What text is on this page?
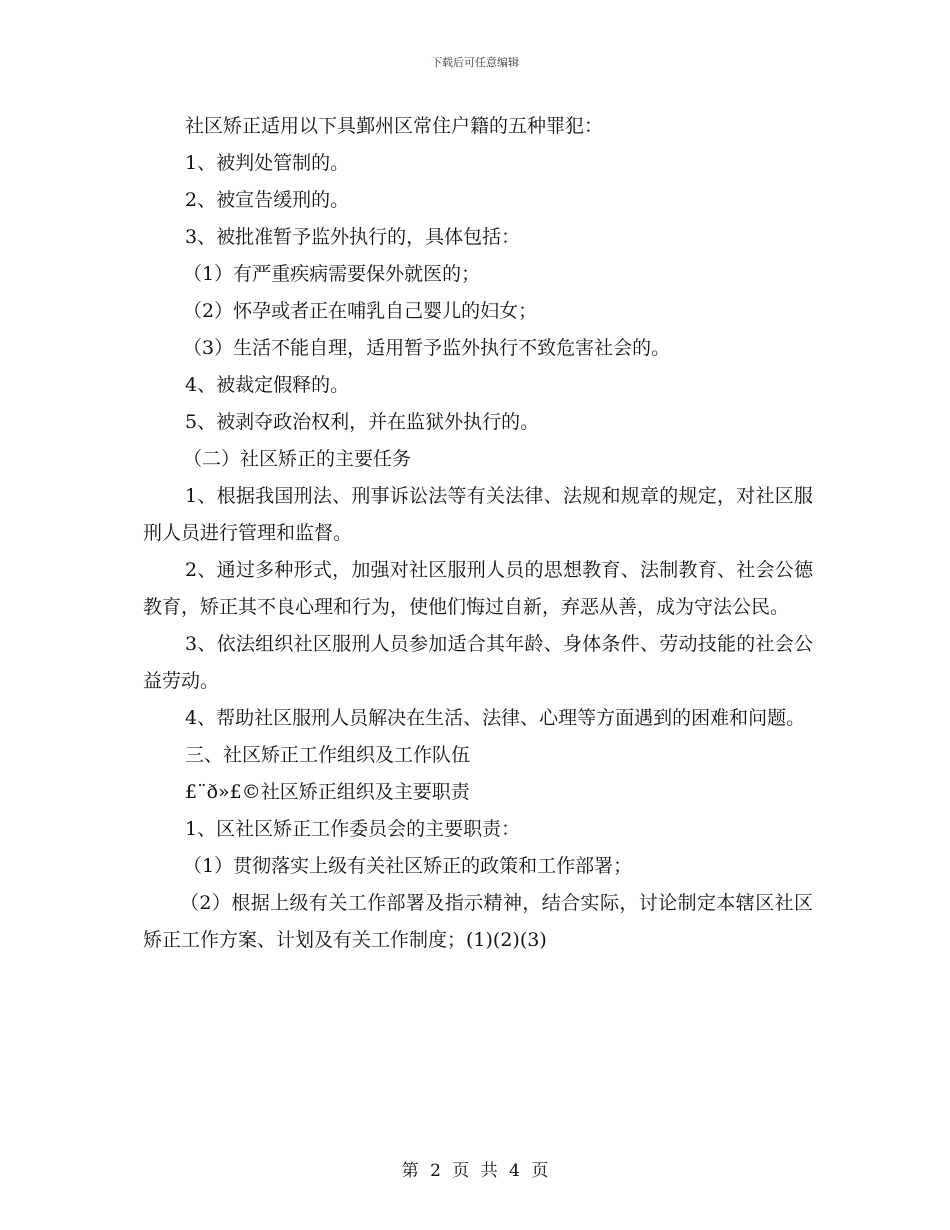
下载后可任意编辑

社区矫正适用以下具鄞州区常住户籍的五种罪犯：

1、被判处管制的。

2、被宣告缓刑的。

3、被批准暂予监外执行的，具体包括：

（1）有严重疾病需要保外就医的；

（2）怀孕或者正在哺乳自己婴儿的妇女；

（3）生活不能自理，适用暂予监外执行不致危害社会的。

4、被裁定假释的。

5、被剥夺政治权利，并在监狱外执行的。

（二）社区矫正的主要任务

1、根据我国刑法、刑事诉讼法等有关法律、法规和规章的规定，对社区服刑人员进行管理和监督。

2、通过多种形式，加强对社区服刑人员的思想教育、法制教育、社会公德教育，矫正其不良心理和行为，使他们悔过自新，弃恶从善，成为守法公民。

3、依法组织社区服刑人员参加适合其年龄、身体条件、劳动技能的社会公益劳动。

4、帮助社区服刑人员解决在生活、法律、心理等方面遇到的困难和问题。

三、社区矫正工作组织及工作队伍

£¨ð»£©社区矫正组织及主要职责

1、区社区矫正工作委员会的主要职责：

（1）贯彻落实上级有关社区矫正的政策和工作部署；

（2）根据上级有关工作部署及指示精神，结合实际，讨论制定本辖区社区矫正工作方案、计划及有关工作制度；(1)(2)(3)

第 2 页 共 4 页
